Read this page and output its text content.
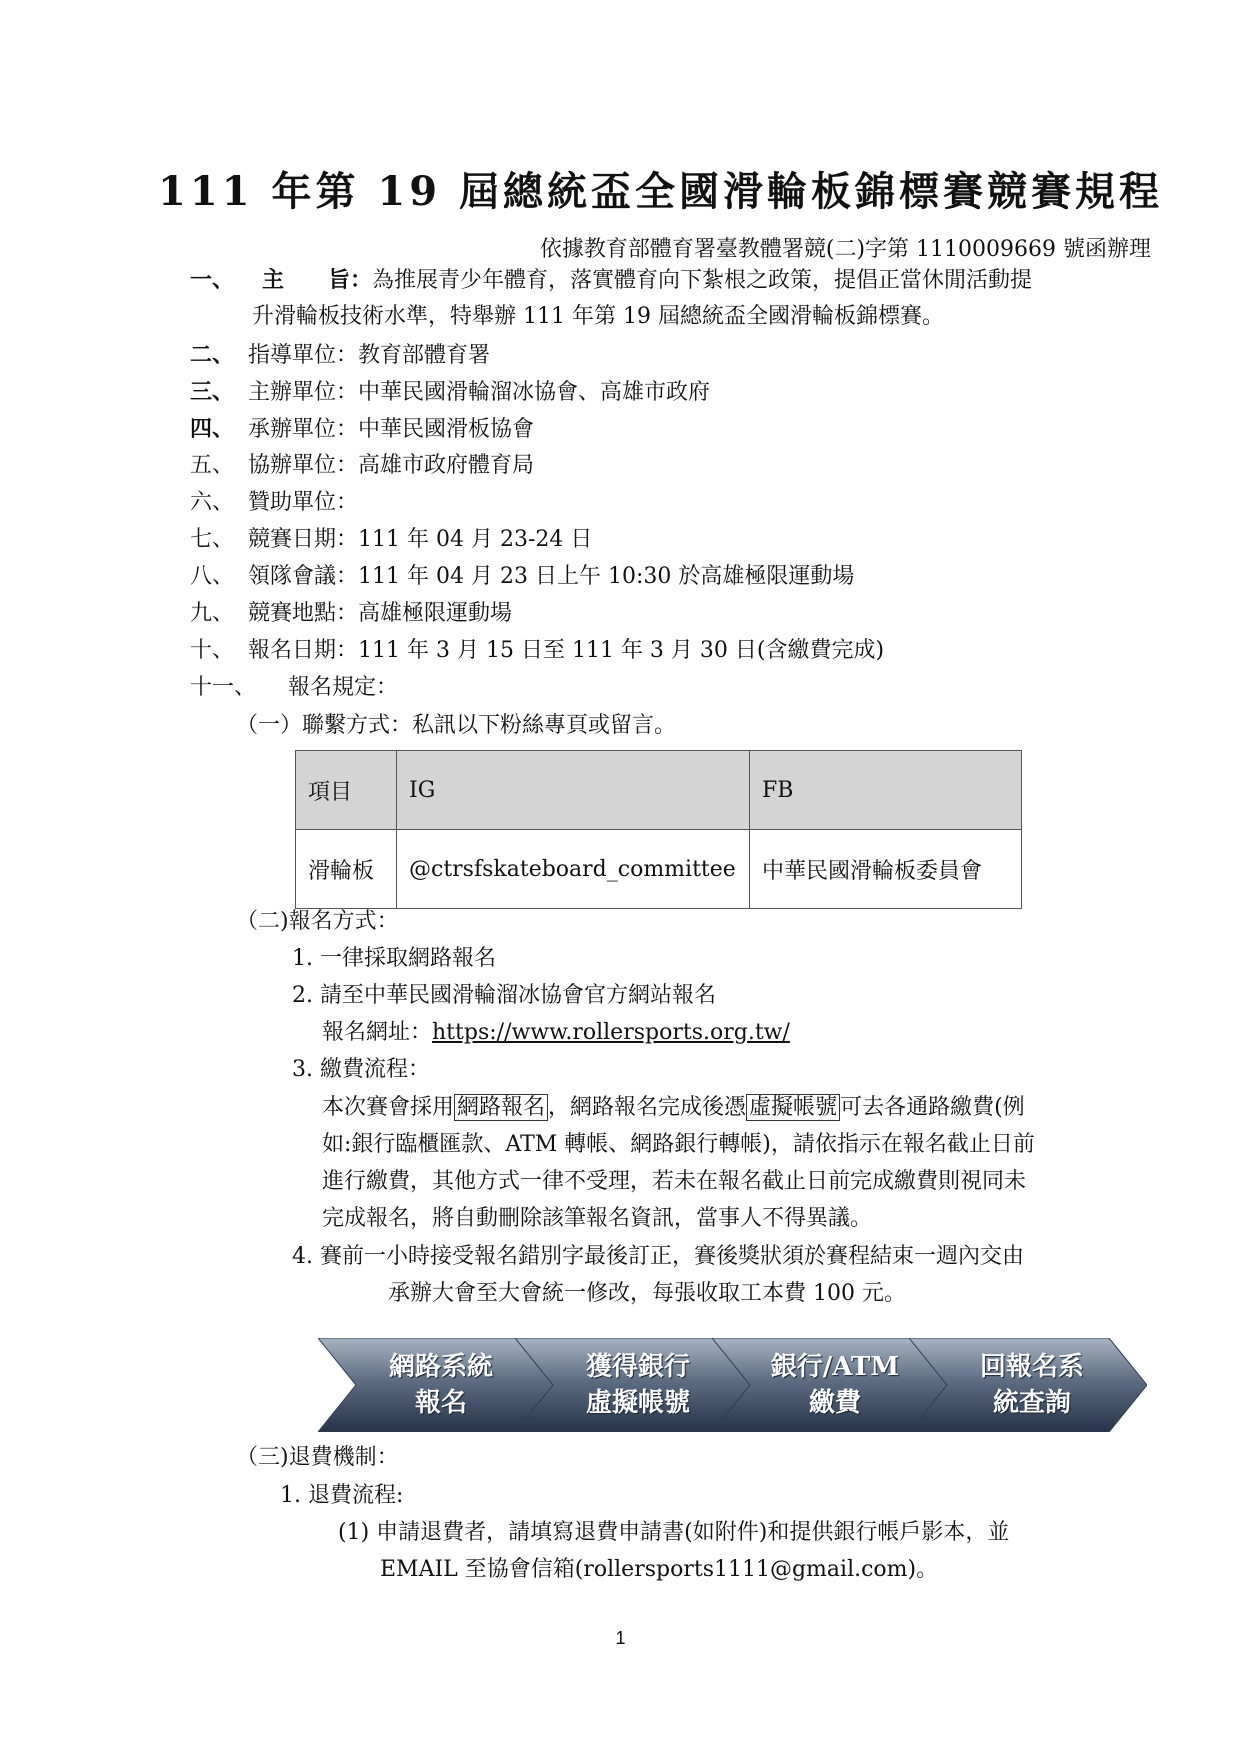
111 年第 19 屆總統盃全國滑輪板錦標賽競賽規程
依據教育部體育署臺教體署競(二)字第 1110009669 號函辦理
一、 主　　旨：為推展青少年體育，落實體育向下紮根之政策，提倡正當休閒活動提
升滑輪板技術水準，特舉辦 111 年第 19 屆總統盃全國滑輪板錦標賽。
二、 指導單位：教育部體育署
三、 主辦單位：中華民國滑輪溜冰協會、高雄市政府
四、 承辦單位：中華民國滑板協會
五、 協辦單位：高雄市政府體育局
六、 贊助單位：
七、 競賽日期：111 年 04 月 23-24 日
八、 領隊會議：111 年 04 月 23 日上午 10:30 於高雄極限運動場
九、 競賽地點：高雄極限運動場
十、 報名日期：111 年 3 月 15 日至 111 年 3 月 30 日(含繳費完成)
十一、 報名規定：
（一）聯繫方式：私訊以下粉絲專頁或留言。
項目	IG	FB
滑輪板	@ctrsfskateboard_committee	中華民國滑輪板委員會
（二)報名方式：
1. 一律採取網路報名
2. 請至中華民國滑輪溜冰協會官方網站報名
報名網址：https://www.rollersports.org.tw/
3. 繳費流程：
本次賽會採用 網路報名 ，網路報名完成後憑 虛擬帳號 可去各通路繳費(例
如:銀行臨櫃匯款、ATM 轉帳、網路銀行轉帳)，請依指示在報名截止日前
進行繳費，其他方式一律不受理，若未在報名截止日前完成繳費則視同未
完成報名，將自動刪除該筆報名資訊，當事人不得異議。
4. 賽前一小時接受報名錯別字最後訂正，賽後獎狀須於賽程結束一週內交由
承辦大會至大會統一修改，每張收取工本費 100 元。
網路系統
報名
獲得銀行
虛擬帳號
銀行/ATM
繳費
回報名系
統查詢
（三)退費機制：
1. 退費流程:
(1) 申請退費者，請填寫退費申請書(如附件)和提供銀行帳戶影本，並
EMAIL 至協會信箱(rollersports1111@gmail.com)。
1
